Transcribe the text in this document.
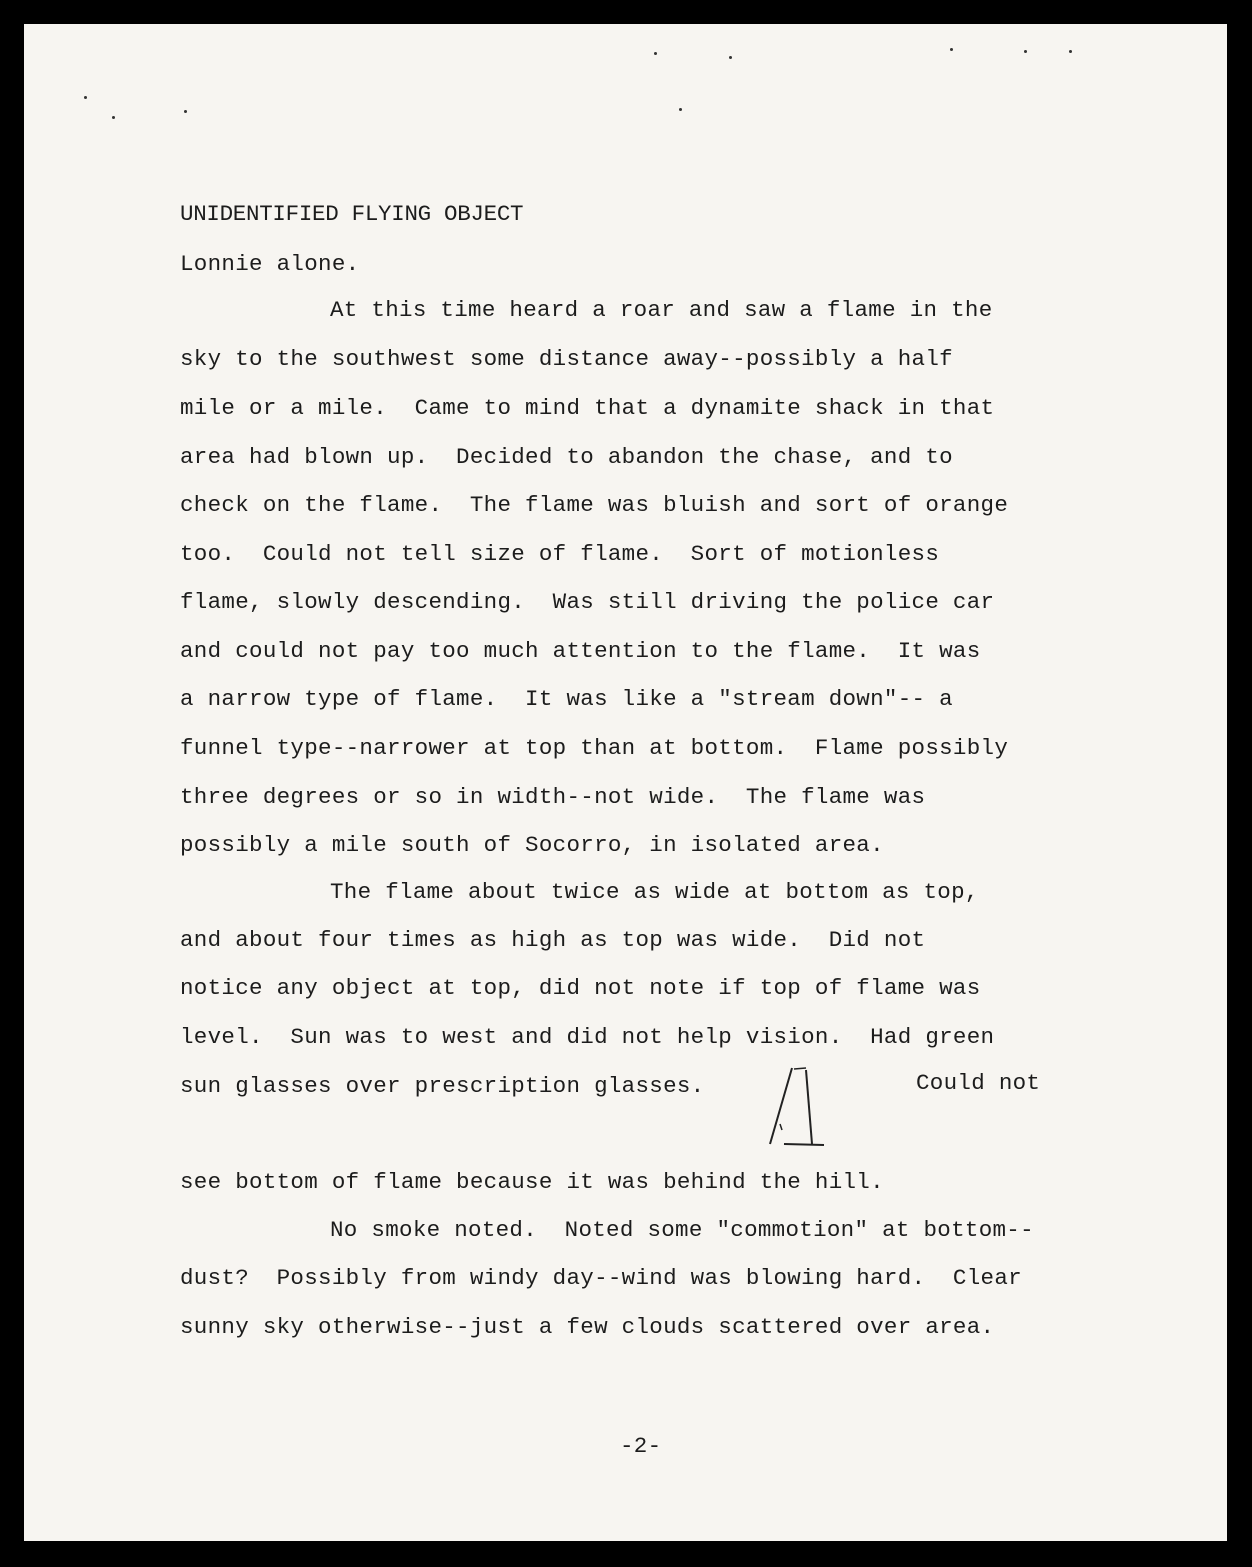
UNIDENTIFIED FLYING OBJECT

Lonnie alone.

At this time heard a roar and saw a flame in the

sky to the southwest some distance away--possibly a half

mile or a mile.  Came to mind that a dynamite shack in that

area had blown up.  Decided to abandon the chase, and to

check on the flame.  The flame was bluish and sort of orange

too.  Could not tell size of flame.  Sort of motionless

flame, slowly descending.  Was still driving the police car

and could not pay too much attention to the flame.  It was

a narrow type of flame.  It was like a "stream down"-- a

funnel type--narrower at top than at bottom.  Flame possibly

three degrees or so in width--not wide.  The flame was

possibly a mile south of Socorro, in isolated area.

The flame about twice as wide at bottom as top,

and about four times as high as top was wide.  Did not

notice any object at top, did not note if top of flame was

level.  Sun was to west and did not help vision.  Had green

sun glasses over prescription glasses.	Could not

see bottom of flame because it was behind the hill.

No smoke noted.  Noted some "commotion" at bottom--

dust?  Possibly from windy day--wind was blowing hard.  Clear

sunny sky otherwise--just a few clouds scattered over area.

-2-
